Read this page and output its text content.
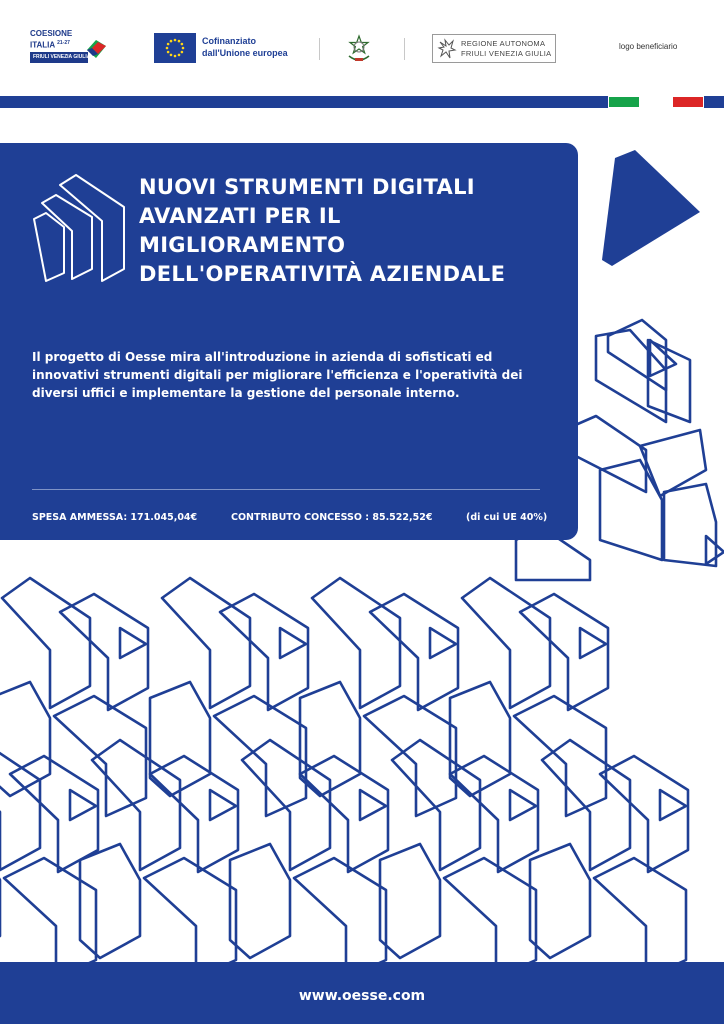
COESIONE
ITALIA $^{21-27}$
FRIULI VENEZIA GIULIA
Cofinanziato
dall'Unione europea
REGIONE AUTONOMA
FRIULI VENEZIA GIULIA
logo beneficiario
NUOVI STRUMENTI DIGITALI
AVANZATI PER IL
MIGLIORAMENTO
DELL'OPERATIVITÀ AZIENDALE
Il progetto di Oesse mira all'introduzione in azienda di sofisticati ed innovativi strumenti digitali per migliorare l'efficienza e l'operatività dei diversi uffici e implementare la gestione del personale interno.
SPESA AMMESSA: 171.045,04€	CONTRIBUTO CONCESSO : 85.522,52€	(di cui UE 40%)
www.oesse.com
